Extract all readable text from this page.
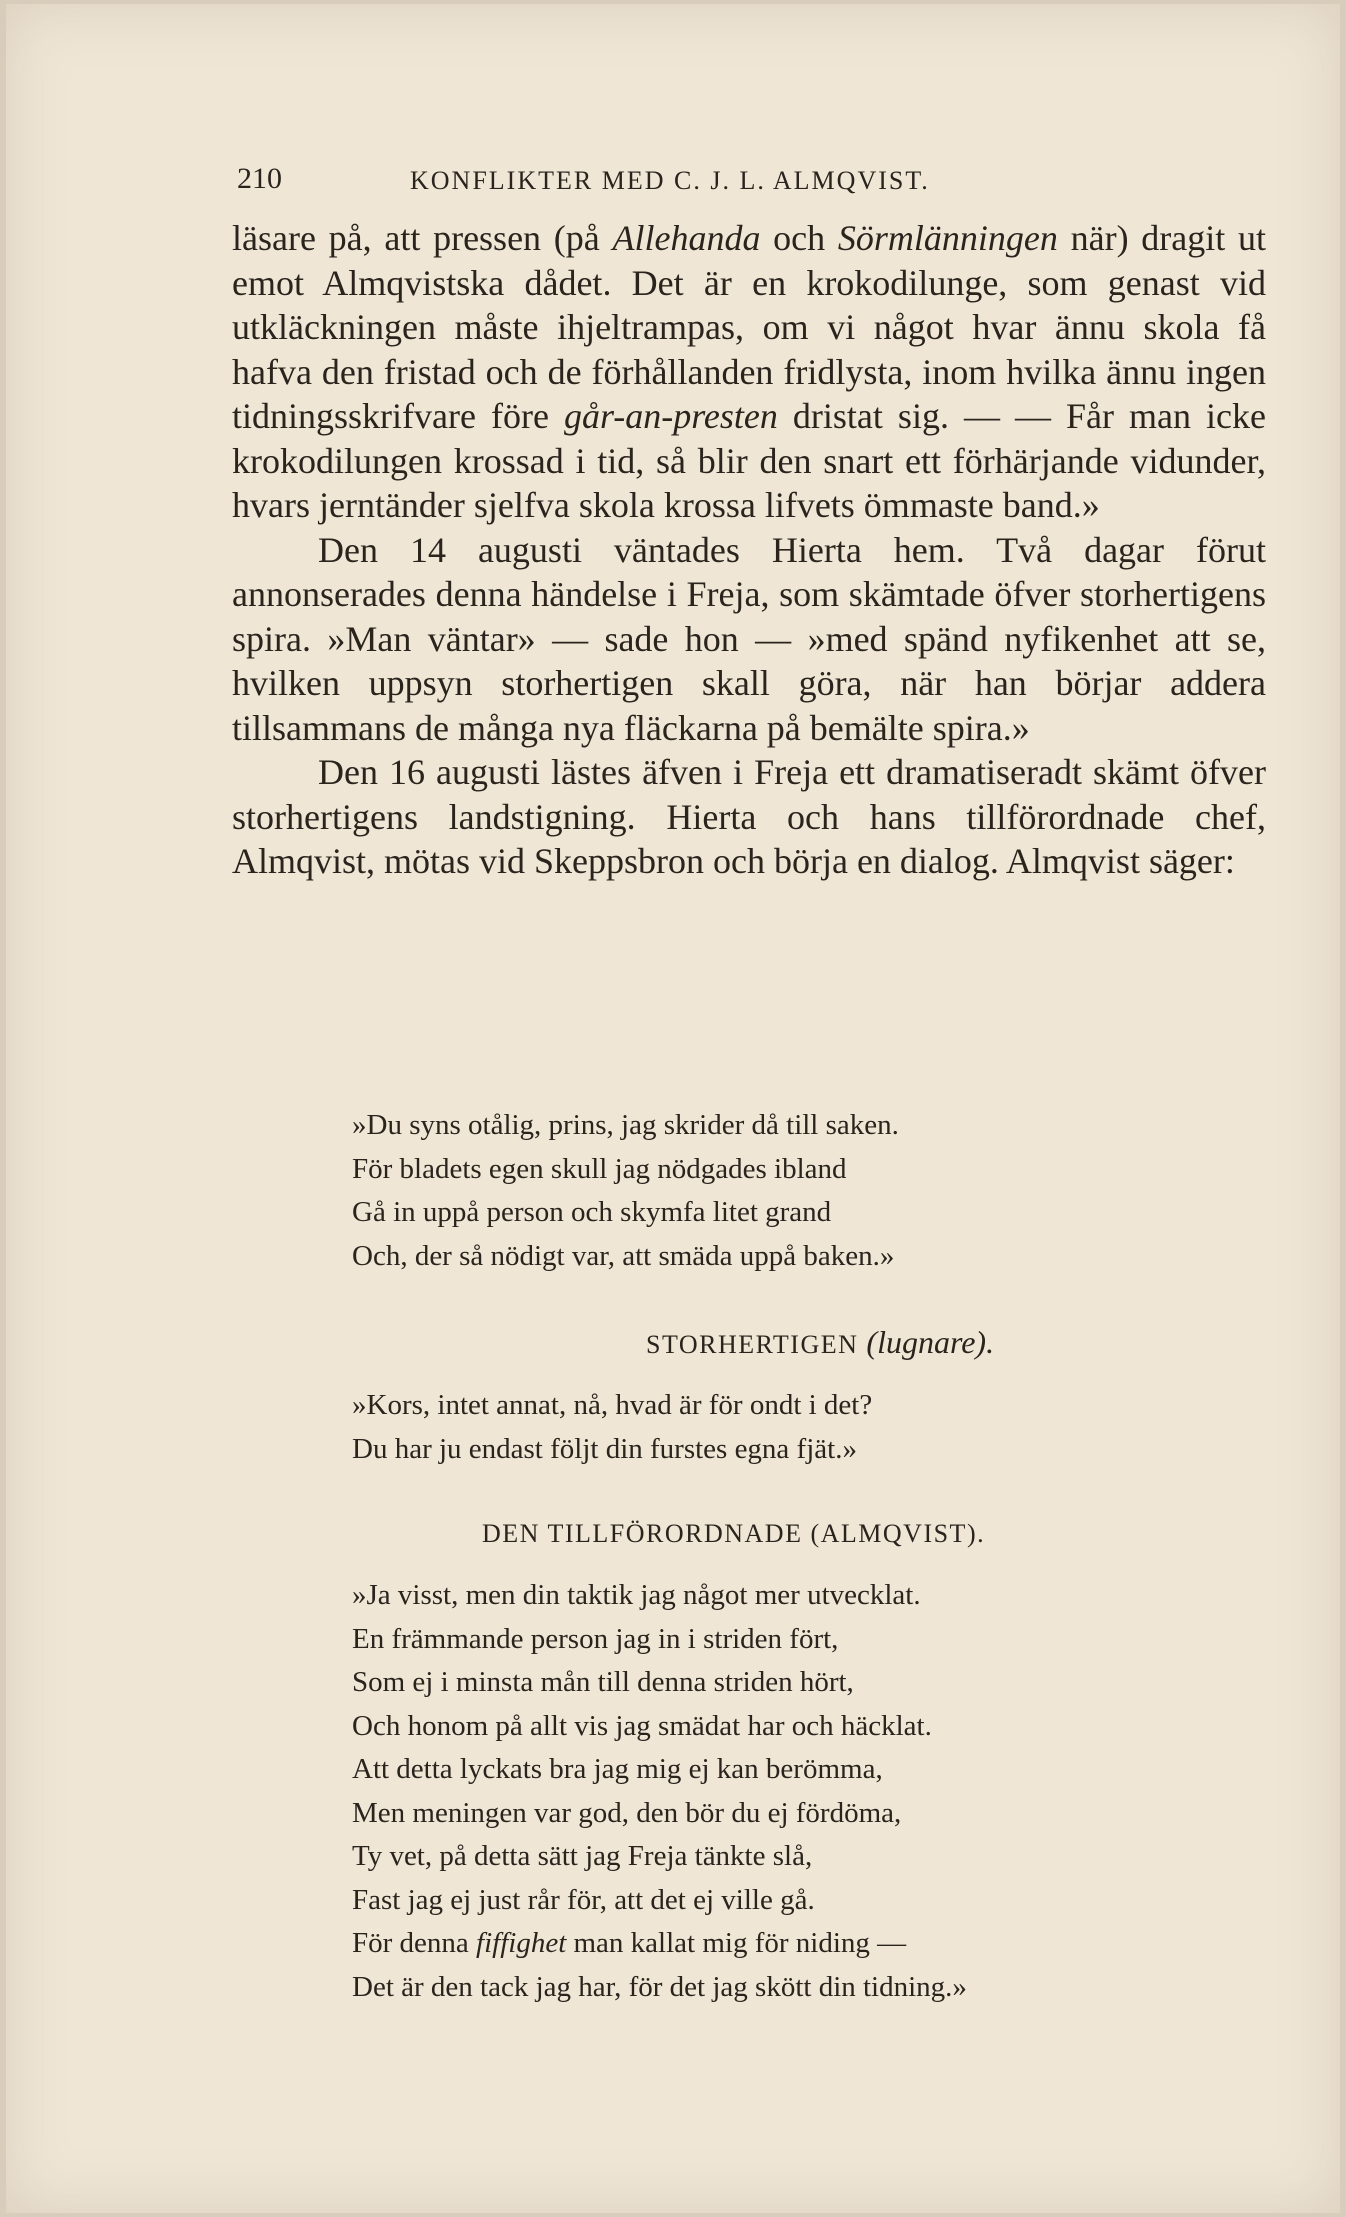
210	KONFLIKTER MED C. J. L. ALMQVIST.

läsare på, att pressen (på Allehanda och Sörmlänningen när) dragit ut emot Almqvistska dådet. Det är en krokodilunge, som genast vid utkläckningen måste ihjeltrampas, om vi något hvar ännu skola få hafva den fristad och de förhållanden fridlysta, inom hvilka ännu ingen tidningsskrifvare före går-an-presten dristat sig. — — Får man icke krokodilungen krossad i tid, så blir den snart ett förhärjande vidunder, hvars jerntänder sjelfva skola krossa lifvets ömmaste band.»

Den 14 augusti väntades Hierta hem. Två dagar förut annonserades denna händelse i Freja, som skämtade öfver storhertigens spira. »Man väntar» — sade hon — »med spänd nyfikenhet att se, hvilken uppsyn storhertigen skall göra, när han börjar addera tillsammans de många nya fläckarna på bemälte spira.»

Den 16 augusti lästes äfven i Freja ett dramatiseradt skämt öfver storhertigens landstigning. Hierta och hans tillförordnade chef, Almqvist, mötas vid Skeppsbron och börja en dialog. Almqvist säger:

»Du syns otålig, prins, jag skrider då till saken.
För bladets egen skull jag nödgades ibland
Gå in uppå person och skymfa litet grand
Och, der så nödigt var, att smäda uppå baken.»
STORHERTIGEN (lugnare).
»Kors, intet annat, nå, hvad är för ondt i det?
Du har ju endast följt din furstes egna fjät.»
DEN TILLFÖRORDNADE (ALMQVIST).
»Ja visst, men din taktik jag något mer utvecklat.
En främmande person jag in i striden fört,
Som ej i minsta mån till denna striden hört,
Och honom på allt vis jag smädat har och häcklat.
Att detta lyckats bra jag mig ej kan berömma,
Men meningen var god, den bör du ej fördöma,
Ty vet, på detta sätt jag Freja tänkte slå,
Fast jag ej just rår för, att det ej ville gå.
För denna fiffighet man kallat mig för niding —
Det är den tack jag har, för det jag skött din tidning.»
